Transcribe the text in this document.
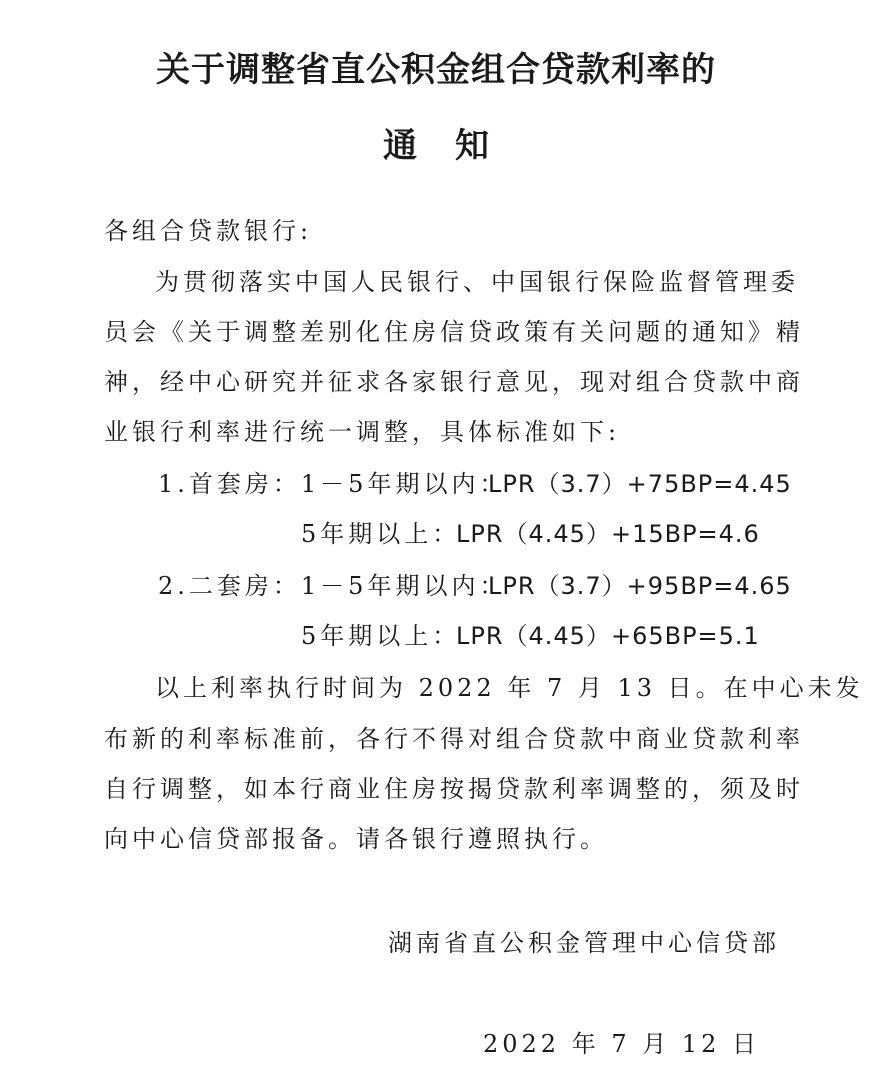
关于调整省直公积金组合贷款利率的
通 知
各组合贷款银行:
为贯彻落实中国人民银行、中国银行保险监督管理委
员会《关于调整差别化住房信贷政策有关问题的通知》精
神，经中心研究并征求各家银行意见，现对组合贷款中商
业银行利率进行统一调整，具体标准如下:
1.首套房：1－5年期以内：
LPR（3.7）+75BP=4.45
5年期以上：
LPR（4.45）+15BP=4.6
2.二套房：1－5年期以内：
LPR（3.7）+95BP=4.65
5年期以上：
LPR（4.45）+65BP=5.1
以上利率执行时间为 2022 年 7 月 13 日。在中心未发
布新的利率标准前，各行不得对组合贷款中商业贷款利率
自行调整，如本行商业住房按揭贷款利率调整的，须及时
向中心信贷部报备。请各银行遵照执行。
湖南省直公积金管理中心信贷部
2022 年 7 月 12 日
